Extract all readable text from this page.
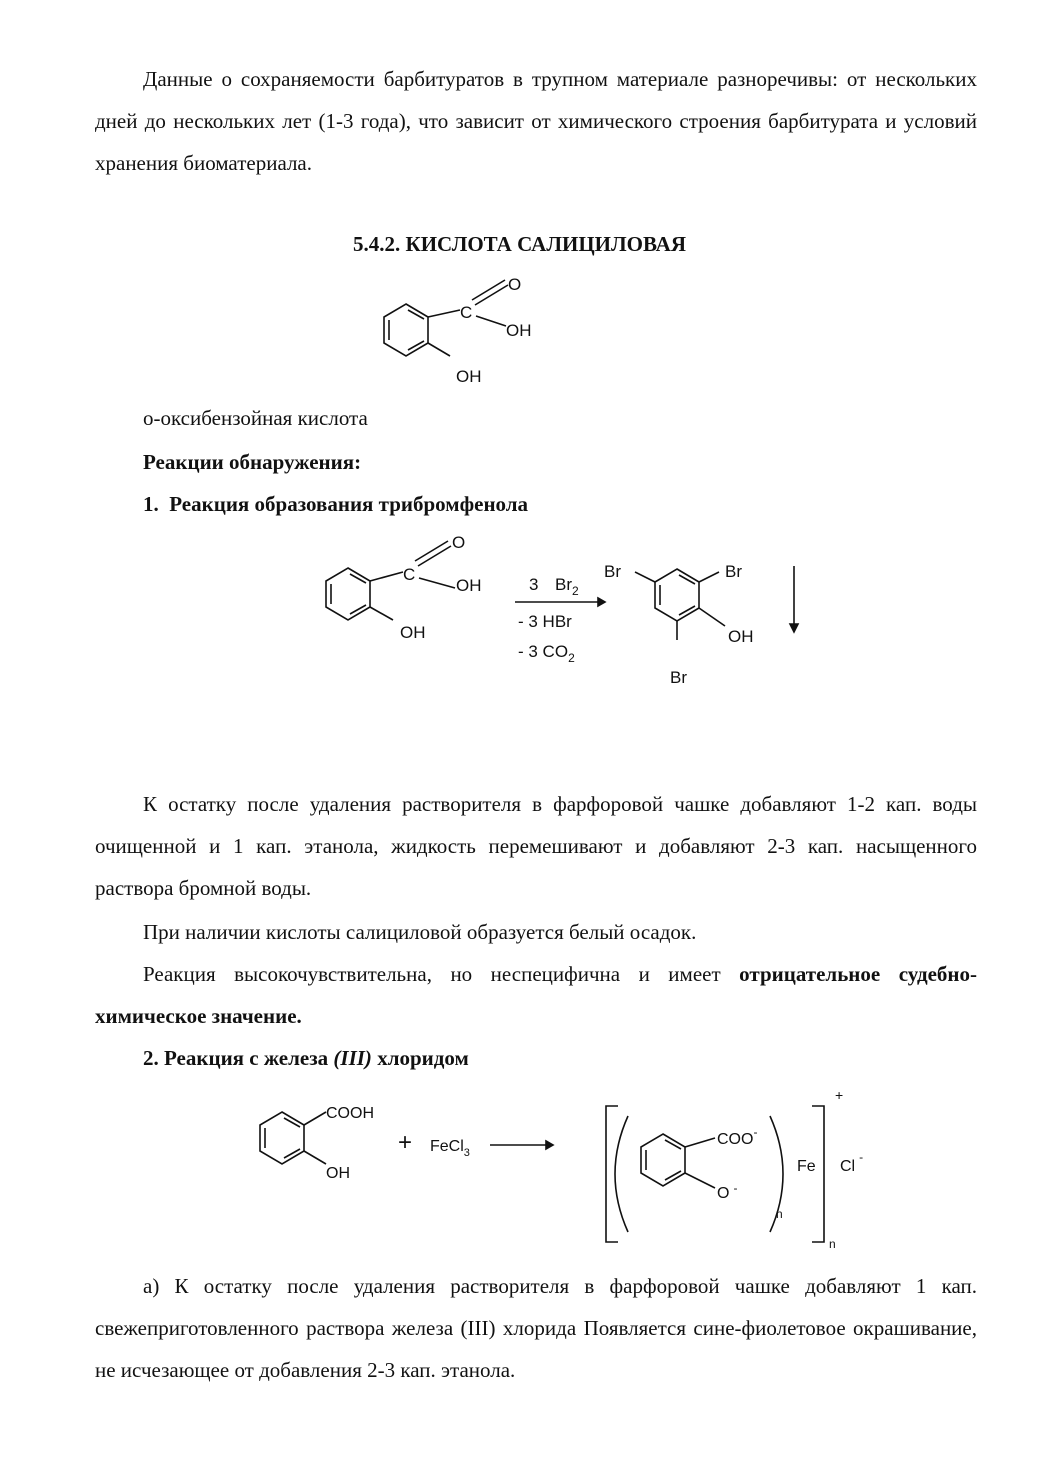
Данные о сохраняемости барбитуратов в трупном материале разноречивы: от нескольких дней до нескольких лет (1-3 года), что зависит от химического строения барбитурата и условий хранения биоматериала.

5.4.2. КИСЛОТА САЛИЦИЛОВАЯ

C
O
OH
OH

о-оксибензойная кислота

Реакции обнаружения:

1. Реакция образования трибромфенола

C
O
OH
OH
3 $Br_2$
- 3 HBr
- 3 $CO_2$
Br	Br
OH
Br

К остатку после удаления растворителя в фарфоровой чашке добавляют 1-2 кап. воды очищенной и 1 кап. этанола, жидкость перемешивают и добавляют 2-3 кап. насыщенного раствора бромной воды.

При наличии кислоты салициловой образуется белый осадок.

Реакция высокочувствительна, но неспецифична и имеет отрицательное судебно-химическое значение.

2. Реакция с железа (III) хлоридом

COOH
OH
+ FeCl$_3$
COO-
O -
n
Fe
+
n
Cl-

а) К остатку после удаления растворителя в фарфоровой чашке добавляют 1 кап. свежеприготовленного раствора железа (III) хлорида Появляется сине-фиолетовое окрашивание, не исчезающее от добавления 2-3 кап. этанола.
